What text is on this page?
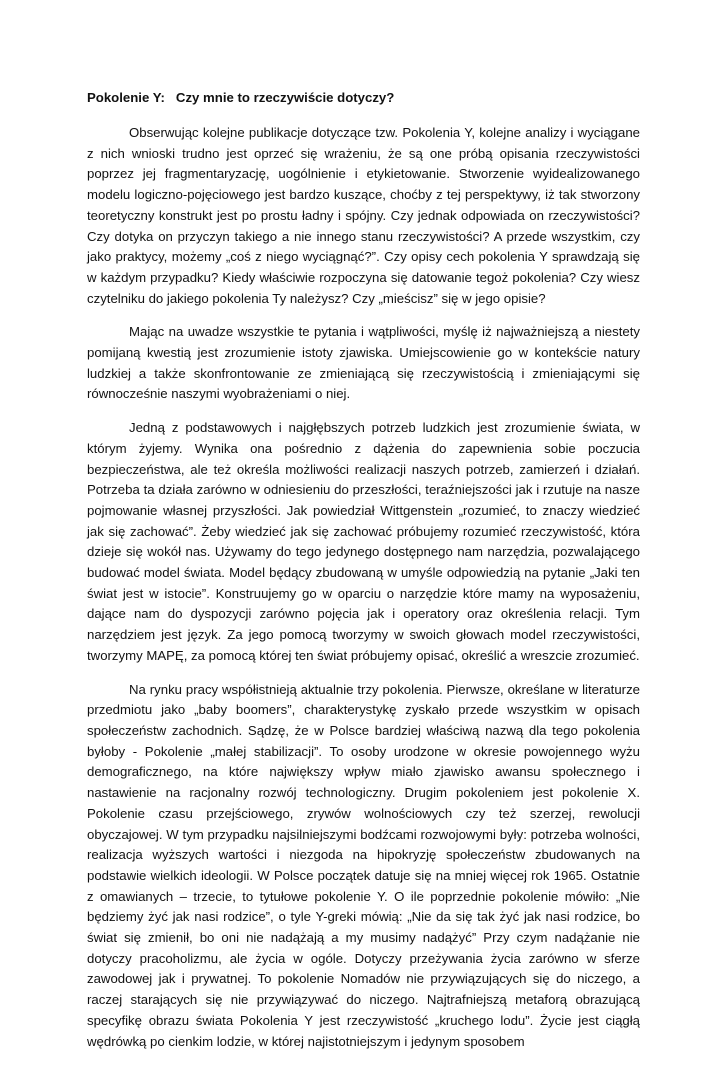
Pokolenie Y:   Czy mnie to rzeczywiście dotyczy?

Obserwując kolejne publikacje dotyczące tzw. Pokolenia Y, kolejne analizy i wyciągane z nich wnioski trudno jest oprzeć się wrażeniu, że są one próbą opisania rzeczywistości poprzez jej fragmentaryzację, uogólnienie i etykietowanie. Stworzenie wyidealizowanego modelu logiczno-pojęciowego jest bardzo kuszące, choćby z tej perspektywy, iż tak stworzony teoretyczny konstrukt jest po prostu ładny i spójny. Czy jednak odpowiada on rzeczywistości? Czy dotyka on przyczyn takiego a nie innego stanu rzeczywistości? A przede wszystkim, czy jako praktycy, możemy „coś z niego wyciągnąć?”. Czy opisy cech pokolenia Y sprawdzają się w każdym przypadku? Kiedy właściwie rozpoczyna się datowanie tegoż pokolenia? Czy wiesz czytelniku do jakiego pokolenia Ty należysz? Czy „mieścisz” się w jego opisie?

Mając na uwadze wszystkie te pytania i wątpliwości, myślę iż najważniejszą a niestety pomijaną kwestią jest zrozumienie istoty zjawiska. Umiejscowienie go w kontekście natury ludzkiej a także skonfrontowanie ze zmieniającą się rzeczywistością i zmieniającymi się równocześnie naszymi wyobrażeniami o niej.

Jedną z podstawowych i najgłębszych potrzeb ludzkich jest zrozumienie świata, w którym żyjemy. Wynika ona pośrednio z dążenia do zapewnienia sobie poczucia bezpieczeństwa, ale też określa możliwości realizacji naszych potrzeb, zamierzeń i działań. Potrzeba ta działa zarówno w odniesieniu do przeszłości, teraźniejszości jak i rzutuje na nasze pojmowanie własnej przyszłości. Jak powiedział Wittgenstein „rozumieć, to znaczy wiedzieć jak się zachować”. Żeby wiedzieć jak się zachować próbujemy rozumieć rzeczywistość, która dzieje się wokół nas. Używamy do tego jedynego dostępnego nam narzędzia, pozwalającego budować model świata. Model będący zbudowaną w umyśle odpowiedzią na pytanie „Jaki ten świat jest w istocie”. Konstruujemy go w oparciu o narzędzie które mamy na wyposażeniu, dające nam do dyspozycji zarówno pojęcia jak i operatory oraz określenia relacji. Tym narzędziem jest język. Za jego pomocą tworzymy w swoich głowach model rzeczywistości, tworzymy MAPĘ, za pomocą której ten świat próbujemy opisać, określić a wreszcie zrozumieć.

Na rynku pracy współistnieją aktualnie trzy pokolenia. Pierwsze, określane w literaturze przedmiotu jako „baby boomers”, charakterystykę zyskało przede wszystkim w opisach społeczeństw zachodnich. Sądzę, że w Polsce bardziej właściwą nazwą dla tego pokolenia byłoby - Pokolenie „małej stabilizacji”. To osoby urodzone w okresie powojennego wyżu demograficznego, na które największy wpływ miało zjawisko awansu społecznego i nastawienie na racjonalny rozwój technologiczny. Drugim pokoleniem jest pokolenie X. Pokolenie czasu przejściowego, zrywów wolnościowych czy też szerzej, rewolucji obyczajowej. W tym przypadku najsilniejszymi bodźcami rozwojowymi były: potrzeba wolności, realizacja wyższych wartości i niezgoda na hipokryzję społeczeństw zbudowanych na podstawie wielkich ideologii. W Polsce początek datuje się na mniej więcej rok 1965. Ostatnie z omawianych – trzecie, to tytułowe pokolenie Y. O ile poprzednie pokolenie mówiło: „Nie będziemy żyć jak nasi rodzice”, o tyle Y-greki mówią: „Nie da się tak żyć jak nasi rodzice, bo świat się zmienił, bo oni nie nadążają a my musimy nadążyć” Przy czym nadążanie nie dotyczy pracoholizmu, ale życia w ogóle. Dotyczy przeżywania życia zarówno w sferze zawodowej jak i prywatnej. To pokolenie Nomadów nie przywiązujących się do niczego, a raczej starających się nie przywiązywać do niczego. Najtrafniejszą metaforą obrazującą specyfikę obrazu świata Pokolenia Y jest rzeczywistość „kruchego lodu”. Życie jest ciągłą wędrówką po cienkim lodzie, w której najistotniejszym i jedynym sposobem
